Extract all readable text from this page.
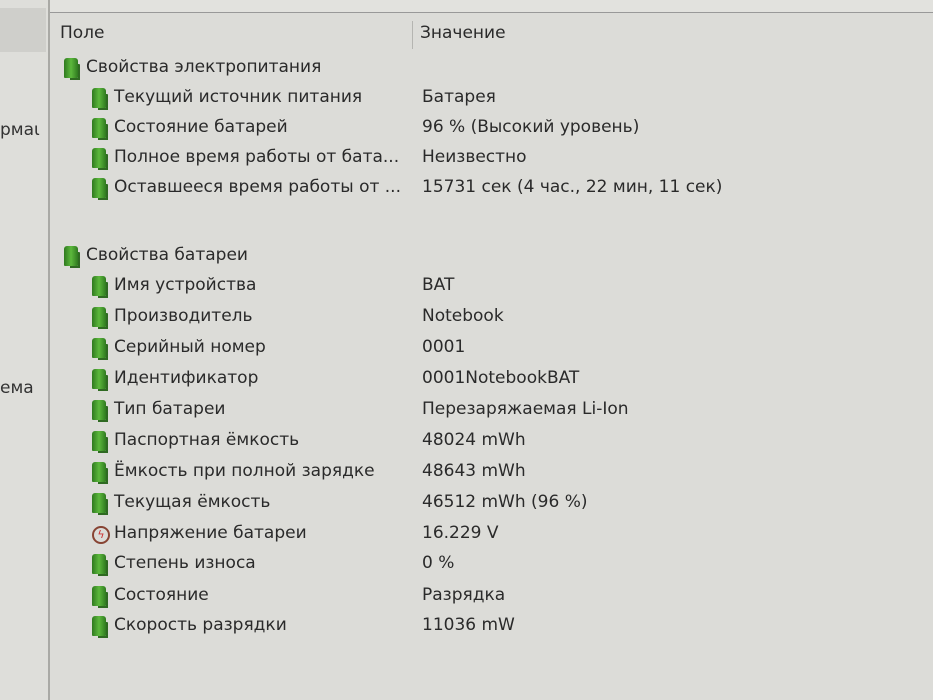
рмаι
ема
Поле	Значение
Свойства электропитания
Текущий источник питания	Батарея
Состояние батарей	96 % (Высокий уровень)
Полное время работы от бата... Неизвестно
Оставшееся время работы от ... 15731 сек (4 час., 22 мин, 11 сек)
Свойства батареи
Имя устройства	BAT
Производитель	Notebook
Серийный номер	0001
Идентификатор	0001NotebookBAT
Тип батареи	Перезаряжаемая Li-Ion
Паспортная ёмкость	48024 mWh
Ёмкость при полной зарядке	48643 mWh
Текущая ёмкость	46512 mWh (96 %)
ϟ Напряжение батареи	16.229 V
Степень износа	0 %
Состояние	Разрядка
Скорость разрядки	11036 mW
